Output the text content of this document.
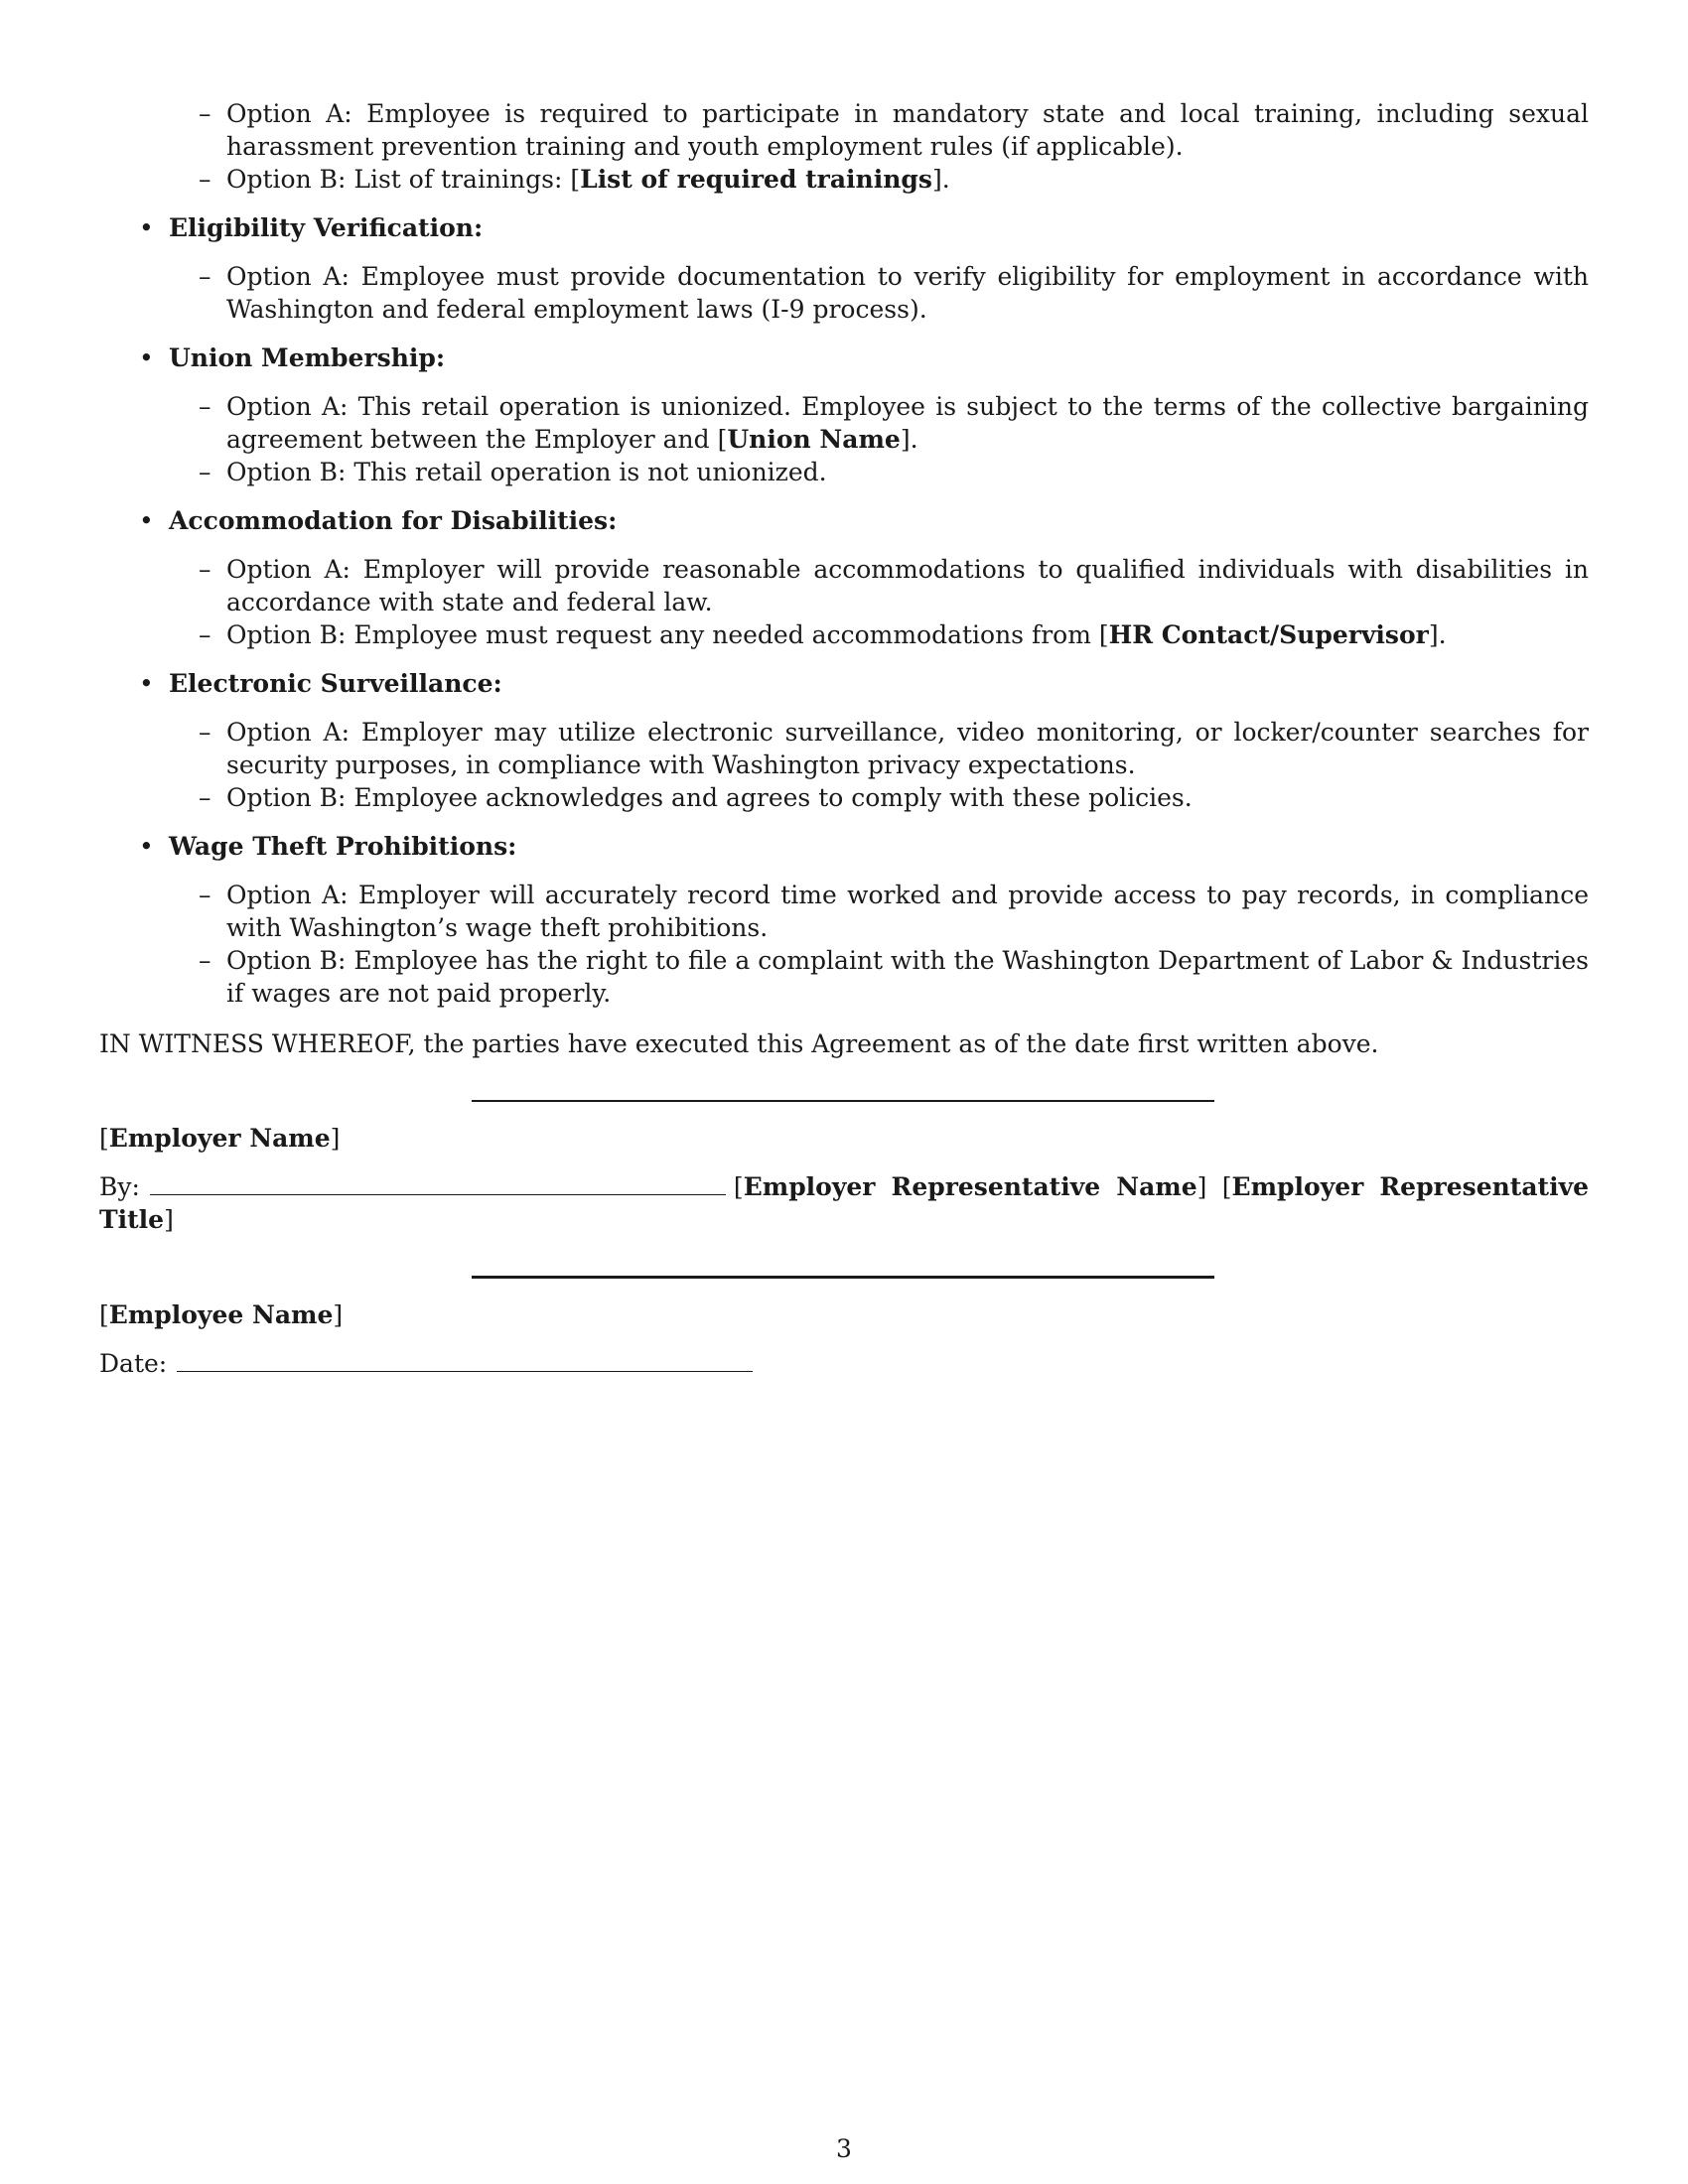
– Option A: Employee is required to participate in mandatory state and local training, including sexual harassment prevention training and youth employment rules (if applicable).
– Option B: List of trainings: [List of required trainings].
• Eligibility Verification:
– Option A: Employee must provide documentation to verify eligibility for employment in accordance with Washington and federal employment laws (I-9 process).
• Union Membership:
– Option A: This retail operation is unionized. Employee is subject to the terms of the collective bargaining agreement between the Employer and [Union Name].
– Option B: This retail operation is not unionized.
• Accommodation for Disabilities:
– Option A: Employer will provide reasonable accommodations to qualified individuals with disabilities in accordance with state and federal law.
– Option B: Employee must request any needed accommodations from [HR Contact/Supervisor].
• Electronic Surveillance:
– Option A: Employer may utilize electronic surveillance, video monitoring, or locker/counter searches for security purposes, in compliance with Washington privacy expectations.
– Option B: Employee acknowledges and agrees to comply with these policies.
• Wage Theft Prohibitions:
– Option A: Employer will accurately record time worked and provide access to pay records, in compliance with Washington’s wage theft prohibitions.
– Option B: Employee has the right to file a complaint with the Washington Department of Labor & Industries if wages are not paid properly.
IN WITNESS WHEREOF, the parties have executed this Agreement as of the date first written above.
[Employer Name]
By:	[Employer Representative Name] [Employer Representative Title]
[Employee Name]
Date:
3
